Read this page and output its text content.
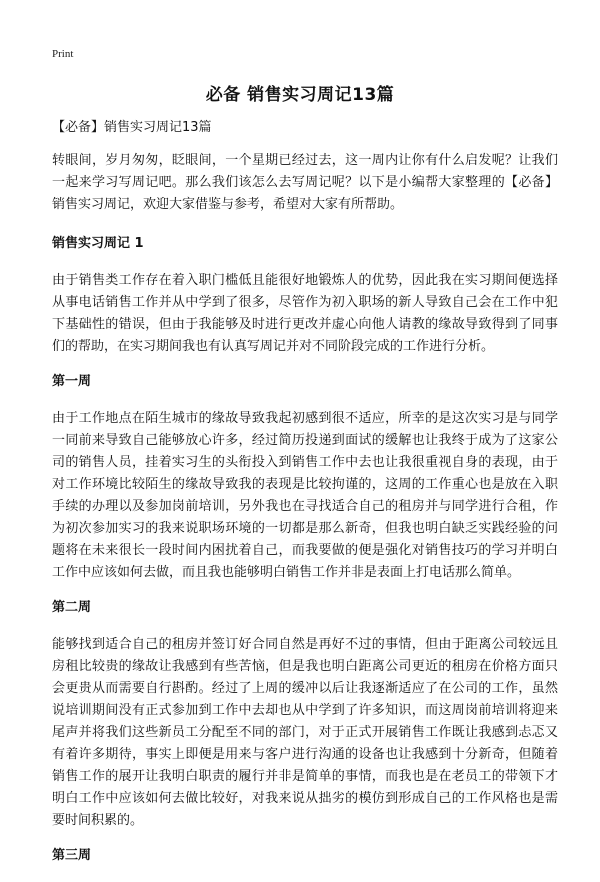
Print
必备 销售实习周记13篇

【必备】销售实习周记13篇

转眼间，岁月匆匆，眨眼间，一个星期已经过去，这一周内让你有什么启发呢？让我们一起来学习写周记吧。那么我们该怎么去写周记呢？以下是小编帮大家整理的【必备】销售实习周记，欢迎大家借鉴与参考，希望对大家有所帮助。

销售实习周记 1

由于销售类工作存在着入职门槛低且能很好地锻炼人的优势，因此我在实习期间便选择从事电话销售工作并从中学到了很多，尽管作为初入职场的新人导致自己会在工作中犯下基础性的错误，但由于我能够及时进行更改并虚心向他人请教的缘故导致得到了同事们的帮助，在实习期间我也有认真写周记并对不同阶段完成的工作进行分析。

第一周

由于工作地点在陌生城市的缘故导致我起初感到很不适应，所幸的是这次实习是与同学一同前来导致自己能够放心许多，经过简历投递到面试的缓解也让我终于成为了这家公司的销售人员，挂着实习生的头衔投入到销售工作中去也让我很重视自身的表现，由于对工作环境比较陌生的缘故导致我的表现是比较拘谨的，这周的工作重心也是放在入职手续的办理以及参加岗前培训，另外我也在寻找适合自己的租房并与同学进行合租，作为初次参加实习的我来说职场环境的一切都是那么新奇，但我也明白缺乏实践经验的问题将在未来很长一段时间内困扰着自己，而我要做的便是强化对销售技巧的学习并明白工作中应该如何去做，而且我也能够明白销售工作并非是表面上打电话那么简单。

第二周

能够找到适合自己的租房并签订好合同自然是再好不过的事情，但由于距离公司较远且房租比较贵的缘故让我感到有些苦恼，但是我也明白距离公司更近的租房在价格方面只会更贵从而需要自行斟酌。经过了上周的缓冲以后让我逐渐适应了在公司的工作，虽然说培训期间没有正式参加到工作中去却也从中学到了许多知识，而这周岗前培训将迎来尾声并将我们这些新员工分配至不同的部门，对于正式开展销售工作既让我感到忐忑又有着许多期待，事实上即便是用来与客户进行沟通的设备也让我感到十分新奇，但随着销售工作的展开让我明白职责的履行并非是简单的事情，而我也是在老员工的带领下才明白工作中应该如何去做比较好，对我来说从拙劣的模仿到形成自己的工作风格也是需要时间积累的。

第三周
